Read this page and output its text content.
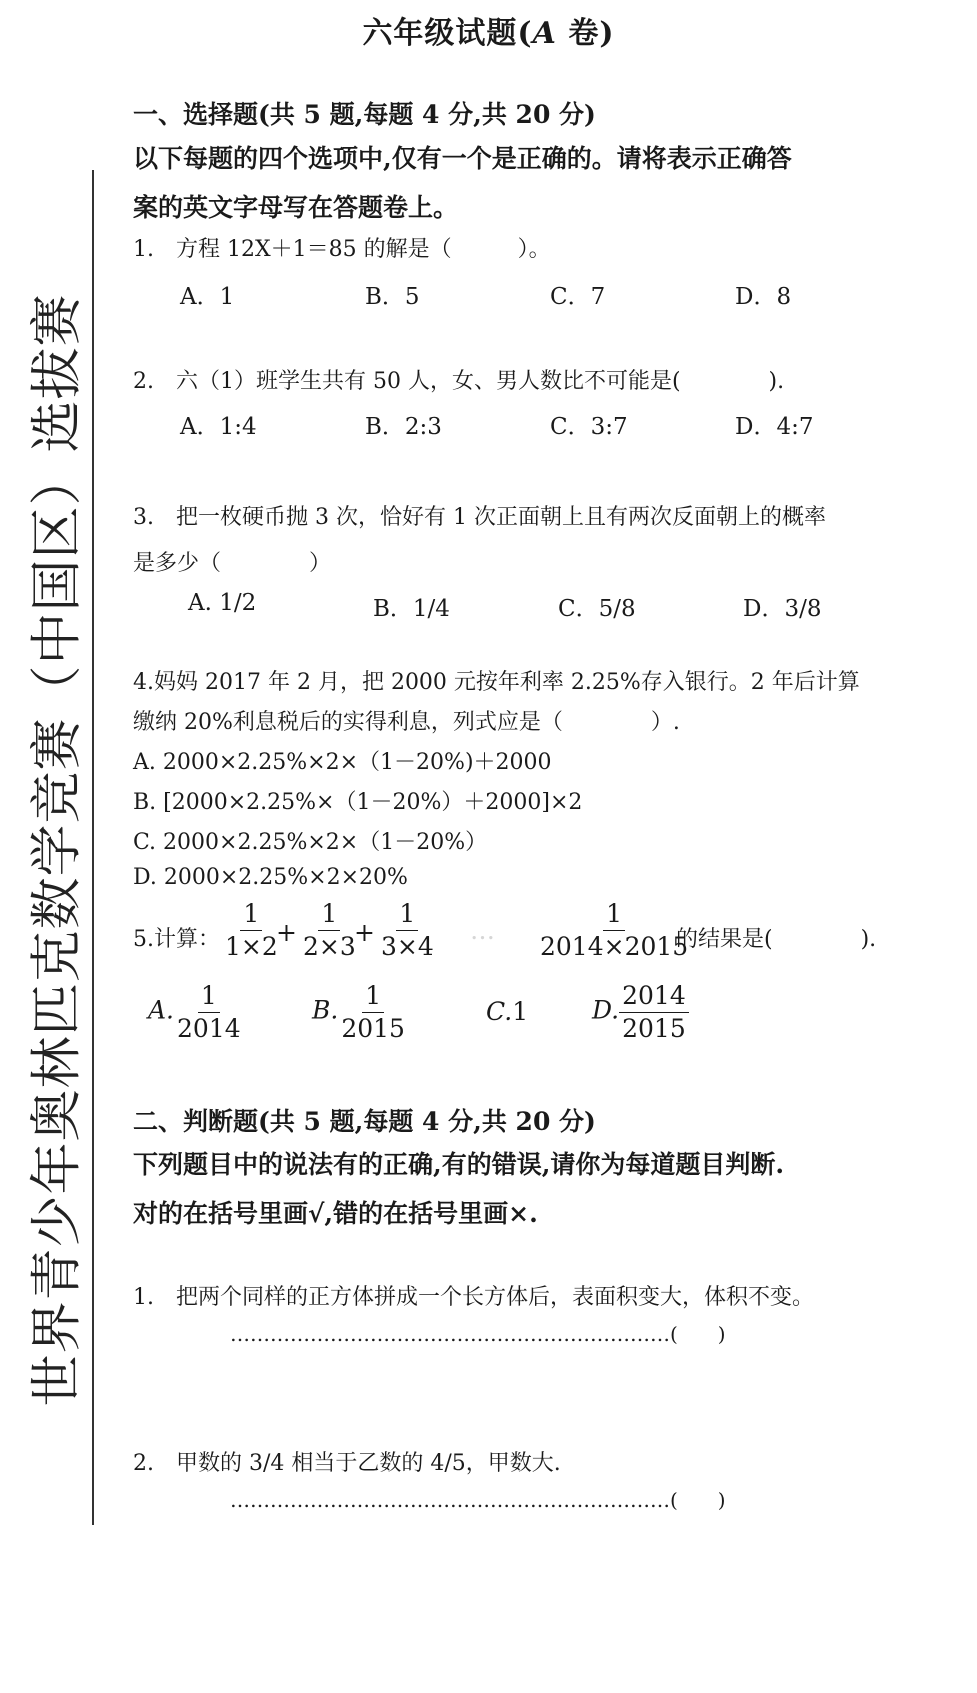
世界青少年奥林匹克数学竞赛（中国区）选拔赛
六年级试题(A 卷)
一、选择题(共 5 题,每题 4 分,共 20 分)
以下每题的四个选项中,仅有一个是正确的。请将表示正确答
案的英文字母写在答题卷上。
1.　方程 12X＋1＝85 的解是（　　　）。
A．1	B．5	C．7	D．8
2.　六（1）班学生共有 50 人，女、男人数比不可能是(　　　　).
A．1:4	B．2:3	C．3:7	D．4:7
3.　把一枚硬币抛 3 次，恰好有 1 次正面朝上且有两次反面朝上的概率
是多少（　　　　）
A. 1/2	B．1/4	C．5/8	D．3/8
4.妈妈 2017 年 2 月，把 2000 元按年利率 2.25%存入银行。2 年后计算
缴纳 20%利息税后的实得利息，列式应是（　　　　）.
A. 2000×2.25%×2×（1－20%)＋2000
B. [2000×2.25%×（1－20%）＋2000]×2
C. 2000×2.25%×2×（1－20%）
D. 2000×2.25%×2×20%
5.计算： $\frac{1}{1\times 2}$
+ $\frac{1}{2\times 3}$
+ $\frac{1}{3\times 4}$ … $\frac{1}{2014\times 2015}$
的结果是(　　　　).
A. $\frac{1}{2014}$	B. $\frac{1}{2015}$	C.1	D. $\frac{2014}{2015}$
二、判断题(共 5 题,每题 4 分,共 20 分)
下列题目中的说法有的正确,有的错误,请你为每道题目判断.
对的在括号里画√,错的在括号里画×.
1.　把两个同样的正方体拼成一个长方体后，表面积变大，体积不变。
…………………………………………………………(　　)
2.　甲数的 3/4 相当于乙数的 4/5，甲数大.
…………………………………………………………(　　)
